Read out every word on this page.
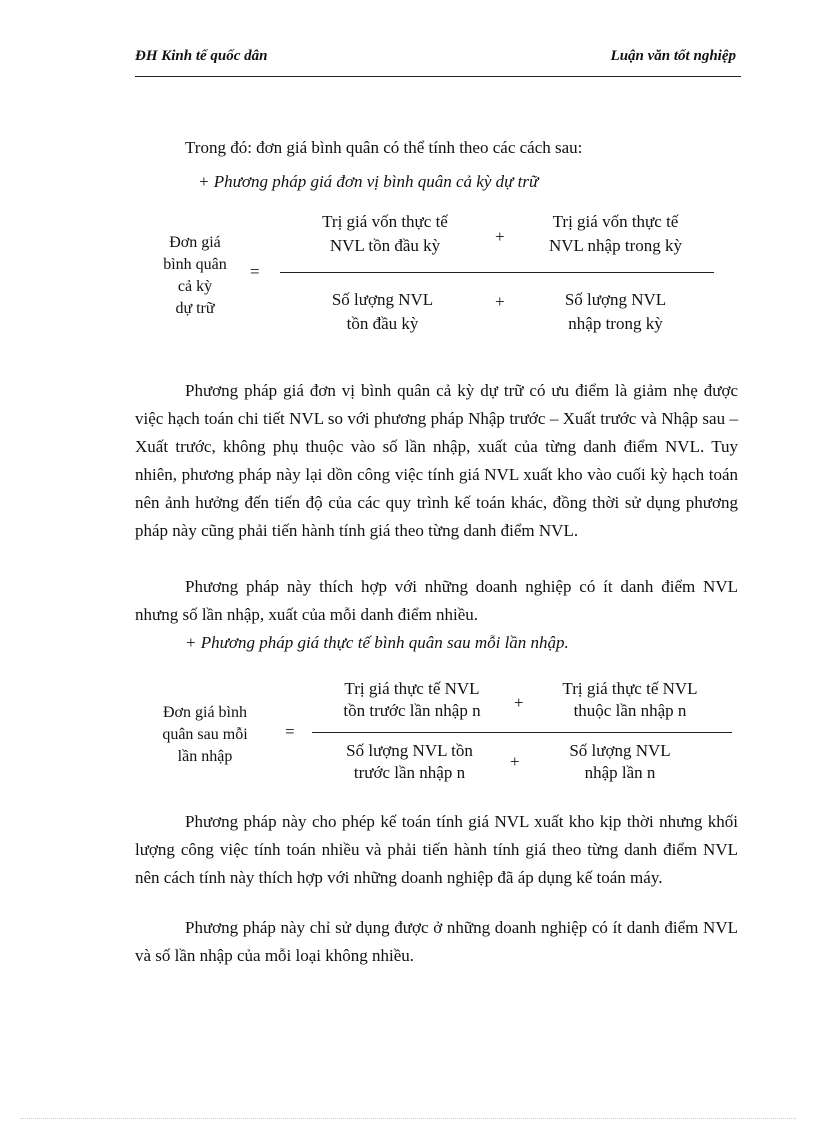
ĐH Kinh tế quốc dân	Luận văn tốt nghiệp
Trong đó: đơn giá bình quân có thể tính theo các cách sau:
+ Phương pháp giá đơn vị bình quân cả kỳ dự trữ
Đơn giá
bình quân
cả kỳ
dự trữ
=
Trị giá vốn thực tế
NVL tồn đầu kỳ	+
Trị giá vốn thực tế
NVL nhập trong kỳ
Số lượng NVL
tồn đầu kỳ
+	Số lượng NVL
nhập trong kỳ
Phương pháp giá đơn vị bình quân cả kỳ dự trữ có ưu điểm là giảm nhẹ được việc hạch toán chi tiết NVL so với phương pháp Nhập trước – Xuất trước và Nhập sau – Xuất trước, không phụ thuộc vào số lần nhập, xuất của từng danh điểm NVL. Tuy nhiên, phương pháp này lại dồn công việc tính giá NVL xuất kho vào cuối kỳ hạch toán nên ảnh hưởng đến tiến độ của các quy trình kế toán khác, đồng thời sử dụng phương pháp này cũng phải tiến hành tính giá theo từng danh điểm NVL.
Phương pháp này thích hợp với những doanh nghiệp có ít danh điểm NVL nhưng số lần nhập, xuất của mỗi danh điểm nhiều.
+ Phương pháp giá thực tế bình quân sau mỗi lần nhập.
Đơn giá bình
quân sau mỗi
lần nhập
=
Trị giá thực tế NVL
tồn trước lần nhập n	+
Trị giá thực tế NVL
thuộc lần nhập n
Số lượng NVL tồn
trước lần nhập n
+
Số lượng NVL
nhập lần n
Phương pháp này cho phép kế toán tính giá NVL xuất kho kịp thời nhưng khối lượng công việc tính toán nhiều và phải tiến hành tính giá theo từng danh điểm NVL nên cách tính này thích hợp với những doanh nghiệp đã áp dụng kế toán máy.
Phương pháp này chỉ sử dụng được ở những doanh nghiệp có ít danh điểm NVL và số lần nhập của mỗi loại không nhiều.
